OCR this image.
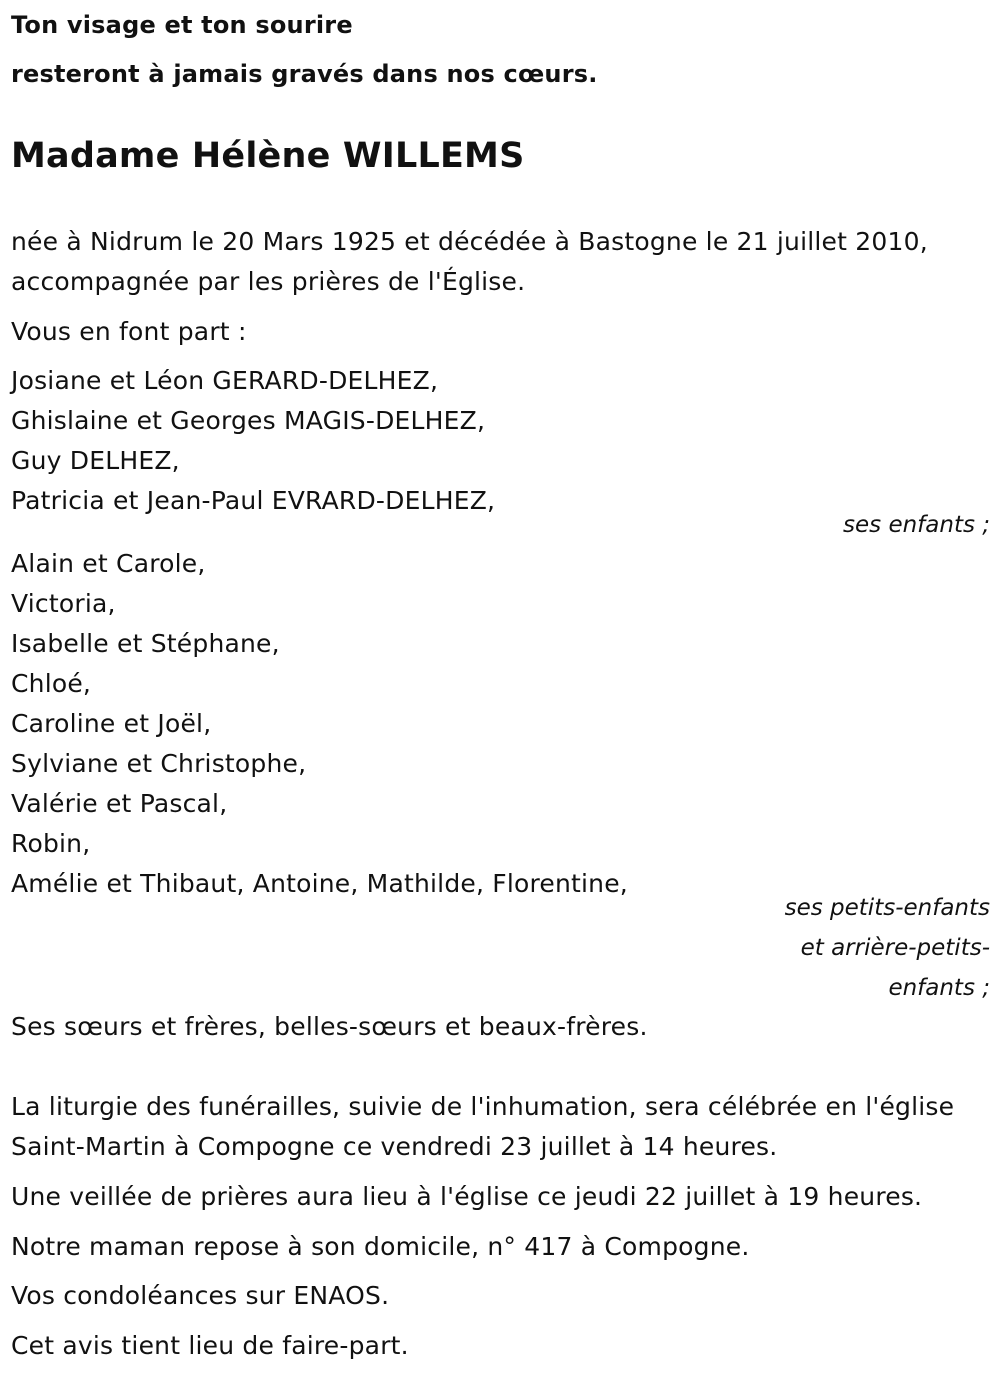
Ton visage et ton sourire
resteront à jamais gravés dans nos cœurs.
Madame Hélène WILLEMS
née à Nidrum le 20 Mars 1925 et décédée à Bastogne le 21 juillet 2010,
accompagnée par les prières de l'Église.
Vous en font part :
Josiane et Léon GERARD-DELHEZ,
Ghislaine et Georges MAGIS-DELHEZ,
Guy DELHEZ,
Patricia et Jean-Paul EVRARD-DELHEZ,
ses enfants ;
Alain et Carole,
Victoria,
Isabelle et Stéphane,
Chloé,
Caroline et Joël,
Sylviane et Christophe,
Valérie et Pascal,
Robin,
Amélie et Thibaut, Antoine, Mathilde, Florentine,
ses petits-enfants
et arrière-petits-
enfants ;
Ses sœurs et frères, belles-sœurs et beaux-frères.
La liturgie des funérailles, suivie de l'inhumation, sera célébrée en l'église
Saint-Martin à Compogne ce vendredi 23 juillet à 14 heures.
Une veillée de prières aura lieu à l'église ce jeudi 22 juillet à 19 heures.
Notre maman repose à son domicile, n° 417 à Compogne.
Vos condoléances sur ENAOS.
Cet avis tient lieu de faire-part.
